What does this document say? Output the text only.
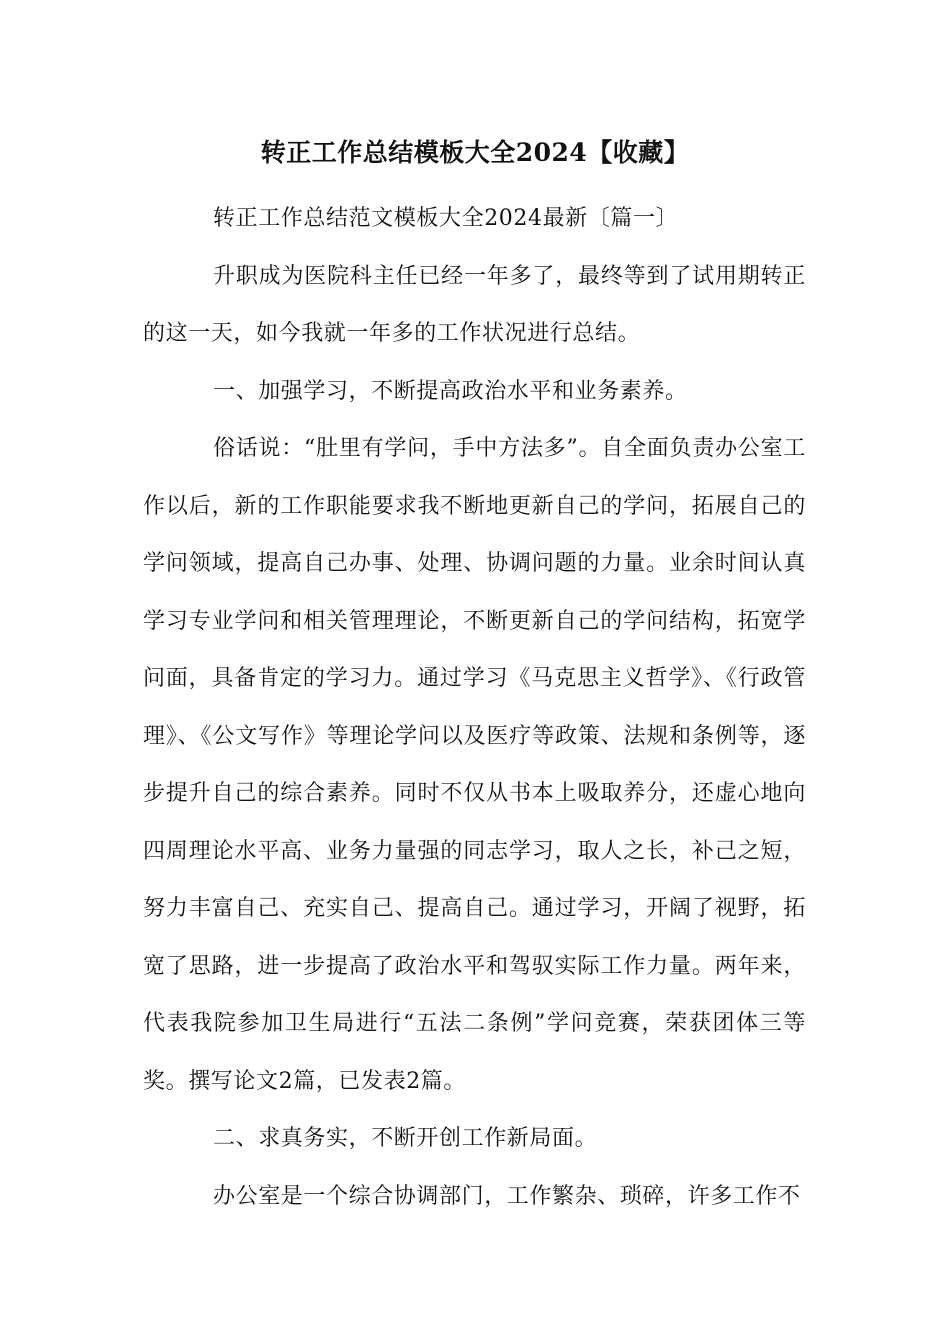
转正工作总结模板大全2024【收藏】

转正工作总结范文模板大全2024最新〔篇一〕

升职成为医院科主任已经一年多了，最终等到了试用期转正的这一天，如今我就一年多的工作状况进行总结。

一、加强学习，不断提高政治水平和业务素养。

俗话说：“肚里有学问，手中方法多”。自全面负责办公室工作以后，新的工作职能要求我不断地更新自己的学问，拓展自己的学问领域，提高自己办事、处理、协调问题的力量。业余时间认真学习专业学问和相关管理理论，不断更新自己的学问结构，拓宽学问面，具备肯定的学习力。通过学习《马克思主义哲学》、《行政管理》、《公文写作》等理论学问以及医疗等政策、法规和条例等，逐步提升自己的综合素养。同时不仅从书本上吸取养分，还虚心地向四周理论水平高、业务力量强的同志学习，取人之长，补己之短，努力丰富自己、充实自己、提高自己。通过学习，开阔了视野，拓宽了思路，进一步提高了政治水平和驾驭实际工作力量。两年来，代表我院参加卫生局进行“五法二条例”学问竞赛，荣获团体三等奖。撰写论文2篇，已发表2篇。

二、求真务实，不断开创工作新局面。

办公室是一个综合协调部门，工作繁杂、琐碎，许多工作不
